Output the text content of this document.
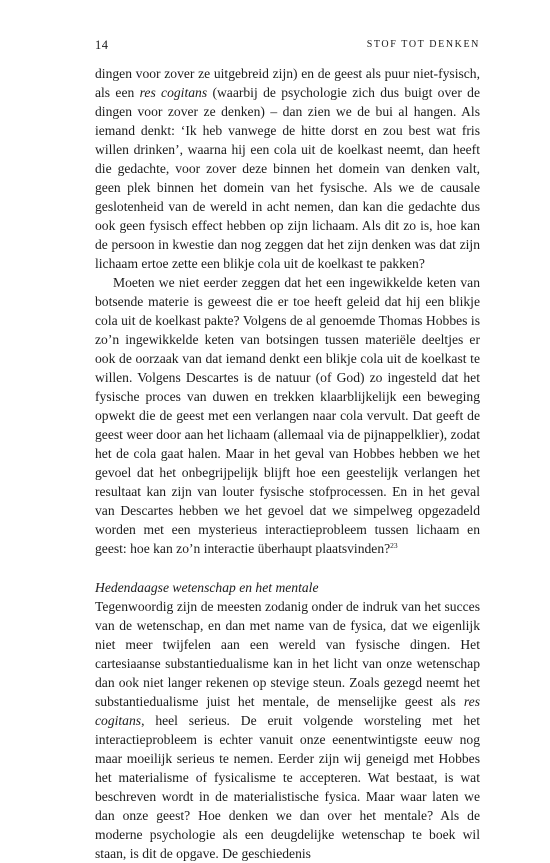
14	STOF TOT DENKEN

dingen voor zover ze uitgebreid zijn) en de geest als puur niet-fysisch, als een res cogitans (waarbij de psychologie zich dus buigt over de dingen voor zover ze denken) – dan zien we de bui al hangen. Als iemand denkt: ‘Ik heb vanwege de hitte dorst en zou best wat fris willen drinken’, waarna hij een cola uit de koelkast neemt, dan heeft die gedachte, voor zover deze binnen het domein van denken valt, geen plek binnen het domein van het fysische. Als we de causale geslotenheid van de wereld in acht nemen, dan kan die gedachte dus ook geen fysisch effect hebben op zijn lichaam. Als dit zo is, hoe kan de persoon in kwestie dan nog zeggen dat het zijn denken was dat zijn lichaam ertoe zette een blikje cola uit de koelkast te pakken?

Moeten we niet eerder zeggen dat het een ingewikkelde keten van botsende materie is geweest die er toe heeft geleid dat hij een blikje cola uit de koelkast pakte? Volgens de al genoemde Thomas Hobbes is zo’n ingewikkelde keten van botsingen tussen materiële deeltjes er ook de oorzaak van dat iemand denkt een blikje cola uit de koelkast te willen. Volgens Descartes is de natuur (of God) zo ingesteld dat het fysische proces van duwen en trekken klaarblijkelijk een beweging opwekt die de geest met een verlangen naar cola vervult. Dat geeft de geest weer door aan het lichaam (allemaal via de pijnappelklier), zodat het de cola gaat halen. Maar in het geval van Hobbes hebben we het gevoel dat het onbegrijpelijk blijft hoe een geestelijk verlangen het resultaat kan zijn van louter fysische stofprocessen. En in het geval van Descartes hebben we het gevoel dat we simpelweg opgezadeld worden met een mysterieus interactieprobleem tussen lichaam en geest: hoe kan zo’n interactie überhaupt plaatsvinden?$^{23}$

Hedendaagse wetenschap en het mentale

Tegenwoordig zijn de meesten zodanig onder de indruk van het succes van de wetenschap, en dan met name van de fysica, dat we eigenlijk niet meer twijfelen aan een wereld van fysische dingen. Het cartesiaanse substantiedualisme kan in het licht van onze wetenschap dan ook niet langer rekenen op stevige steun. Zoals gezegd neemt het substantiedualisme juist het mentale, de menselijke geest als res cogitans, heel serieus. De eruit volgende worsteling met het interactieprobleem is echter vanuit onze eenentwintigste eeuw nog maar moeilijk serieus te nemen. Eerder zijn wij geneigd met Hobbes het materialisme of fysicalisme te accepteren. Wat bestaat, is wat beschreven wordt in de materialistische fysica. Maar waar laten we dan onze geest? Hoe denken we dan over het mentale? Als de moderne psychologie als een deugdelijke wetenschap te boek wil staan, is dit de opgave. De geschiedenis
